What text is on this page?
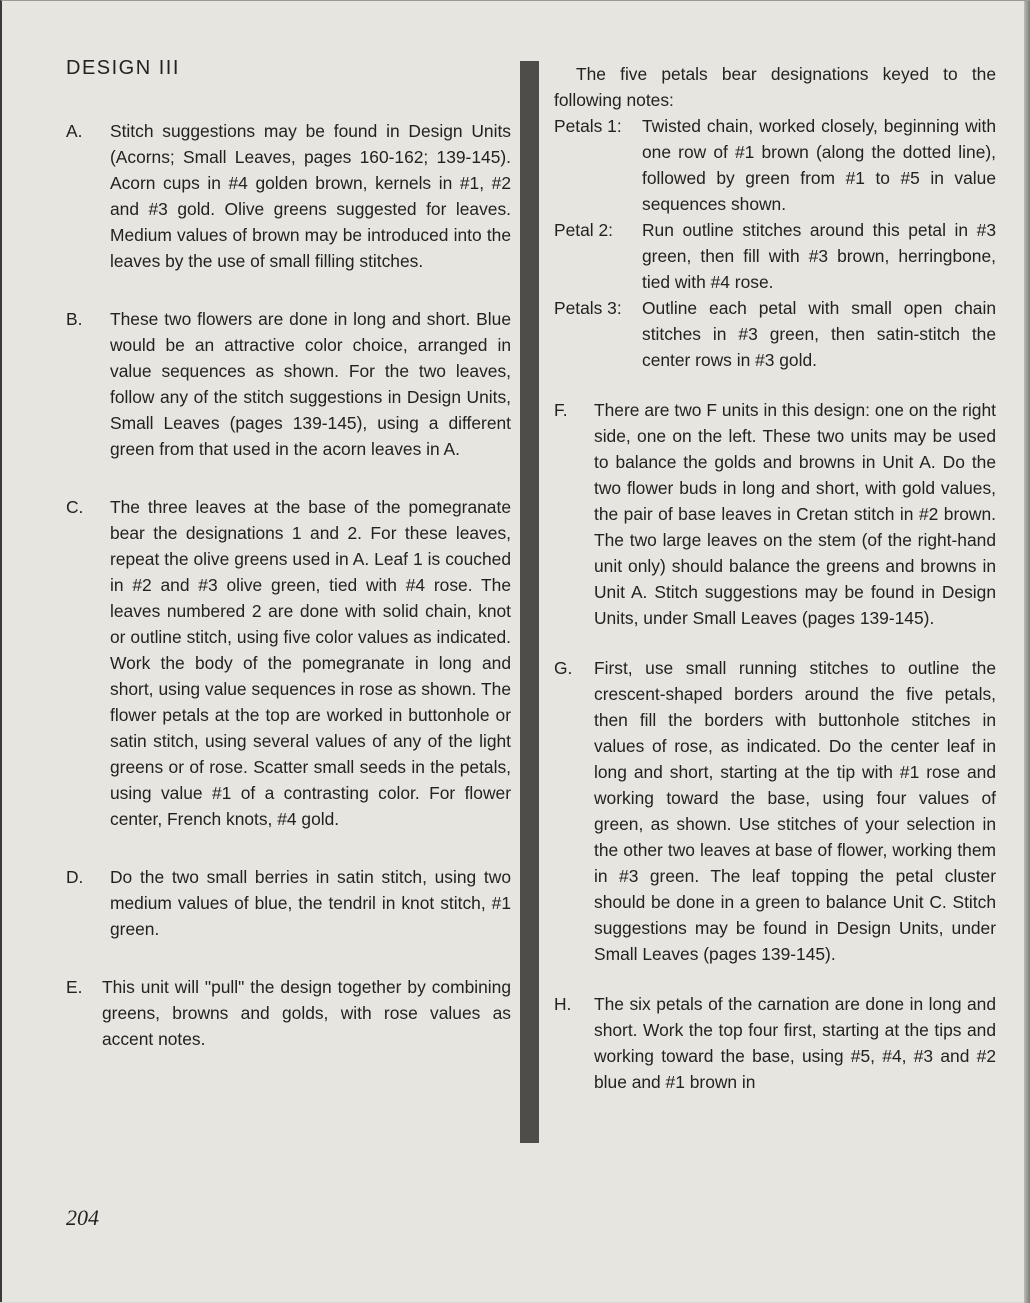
DESIGN III
A.	Stitch suggestions may be found in Design Units (Acorns; Small Leaves, pages 160-162; 139-145). Acorn cups in #4 golden brown, kernels in #1, #2 and #3 gold. Olive greens suggested for leaves. Medium values of brown may be introduced into the leaves by the use of small filling stitches.
B.	These two flowers are done in long and short. Blue would be an attractive color choice, arranged in value sequences as shown. For the two leaves, follow any of the stitch suggestions in Design Units, Small Leaves (pages 139-145), using a different green from that used in the acorn leaves in A.
C.	The three leaves at the base of the pomegranate bear the designations 1 and 2. For these leaves, repeat the olive greens used in A. Leaf 1 is couched in #2 and #3 olive green, tied with #4 rose. The leaves numbered 2 are done with solid chain, knot or outline stitch, using five color values as indicated. Work the body of the pomegranate in long and short, using value sequences in rose as shown. The flower petals at the top are worked in buttonhole or satin stitch, using several values of any of the light greens or of rose. Scatter small seeds in the petals, using value #1 of a contrasting color. For flower center, French knots, #4 gold.
D.	Do the two small berries in satin stitch, using two medium values of blue, the tendril in knot stitch, #1 green.
E.	This unit will "pull" the design together by combining greens, browns and golds, with rose values as accent notes.

The five petals bear designations keyed to the following notes:

Petals 1:	Twisted chain, worked closely, beginning with one row of #1 brown (along the dotted line), followed by green from #1 to #5 in value sequences shown.
Petal 2:	Run outline stitches around this petal in #3 green, then fill with #3 brown, herringbone, tied with #4 rose.
Petals 3:	Outline each petal with small open chain stitches in #3 green, then satin-stitch the center rows in #3 gold.
F.	There are two F units in this design: one on the right side, one on the left. These two units may be used to balance the golds and browns in Unit A. Do the two flower buds in long and short, with gold values, the pair of base leaves in Cretan stitch in #2 brown. The two large leaves on the stem (of the right-hand unit only) should balance the greens and browns in Unit A. Stitch suggestions may be found in Design Units, under Small Leaves (pages 139-145).
G.	First, use small running stitches to outline the crescent-shaped borders around the five petals, then fill the borders with buttonhole stitches in values of rose, as indicated. Do the center leaf in long and short, starting at the tip with #1 rose and working toward the base, using four values of green, as shown. Use stitches of your selection in the other two leaves at base of flower, working them in #3 green. The leaf topping the petal cluster should be done in a green to balance Unit C. Stitch suggestions may be found in Design Units, under Small Leaves (pages 139-145).
H.	The six petals of the carnation are done in long and short. Work the top four first, starting at the tips and working toward the base, using #5, #4, #3 and #2 blue and #1 brown in
204
